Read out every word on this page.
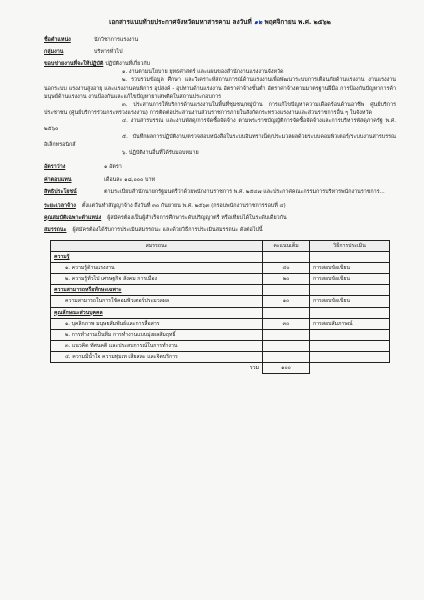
เอกสารแนบท้ายประกาศจังหวัดมหาสารคาม ลงวันที่ ๑๒ พฤศจิกายน พ.ศ. ๒๕๖๒
ชื่อตำแหน่ง	นักวิชาการแรงงาน
กลุ่มงาน	บริหารทั่วไป
ขอบข่ายงานที่จะให้ปฏิบัติ ปฏิบัติงานที่เกี่ยวกับ

๑. งานตามนโยบาย ยุทธศาสตร์ และแผนของสำนักงานแรงงานจังหวัด

๒. รวบรวมข้อมูล ศึกษา และวิเคราะห์สถานการณ์ด้านแรงงานเพื่อพัฒนาระบบการเตือนภัยด้านแรงงาน งานแรงงานนอกระบบ แรงงานสูงอายุ และแรงงานคนพิการ อุปสงค์ - อุปทานด้านแรงงาน อัตราค่าจ้างขั้นต่ำ อัตราค่าจ้างตามมาตรฐานฝีมือ การป้องกันปัญหาการค้ามนุษย์ด้านแรงงาน งานป้องกันและแก้ไขปัญหายาเสพติดในสถานประกอบการ

๓. ประสานการให้บริการด้านแรงงานในพื้นที่ชุมชน/หมู่บ้าน การแก้ไขปัญหาความเดือดร้อนด้านอาชีพ ศูนย์บริการประชาชน (ศูนย์บริการร่วมกระทรวงแรงงาน) การติดต่อประสานงานส่วนราชการภายในสังกัดกระทรวงแรงงานและส่วนราชการอื่น ๆ ในจังหวัด

๔. งานสารบรรณ และงานพัสดุ/การจัดซื้อจัดจ้าง ตามพระราชบัญญัติการจัดซื้อจัดจ้างและการบริหารพัสดุภาครัฐ พ.ศ. ๒๕๖๐

๕. บันทึกผลการปฏิบัติงาน/ตรวจสอบหนังสือในระบบอินทราเน็ต/ประมวลผลด้วยระบบคอมพิวเตอร์/ระบบงานสารบรรณอิเล็กทรอนิกส์

๖. ปฏิบัติงานอื่นที่ได้รับมอบหมาย

อัตราว่าง	๑ อัตรา
ค่าตอบแทน	เดือนละ ๑๘,๐๐๐ บาท
สิทธิประโยชน์	ตามระเบียบสำนักนายกรัฐมนตรีว่าด้วยพนักงานราชการ พ.ศ. ๒๕๔๗ และประกาศคณะกรรมการบริหารพนักงานราชการ...
ระยะเวลาจ้าง ตั้งแต่วันทำสัญญาจ้าง ถึงวันที่ ๓๐ กันยายน พ.ศ. ๒๕๖๓ (กรอบพนักงานราชการรอบที่ ๔)
คุณสมบัติเฉพาะตำแหน่ง ผู้สมัครต้องเป็นผู้สำเร็จการศึกษาระดับปริญญาตรี หรือเทียบได้ในระดับเดียวกัน
สมรรถนะ ผู้สมัครต้องได้รับการประเมินสมรรถนะ และด้วยวิธีการประเมินสมรรถนะ ดังต่อไปนี้
สมรรถนะ	คะแนนเต็ม	วิธีการประเมิน
ความรู้		
๑. ความรู้ด้านแรงงาน	๔๐	การสอบข้อเขียน
๒. ความรู้ทั่วไป เศรษฐกิจ สังคม การเมือง	๒๐	การสอบข้อเขียน
ความสามารถหรือทักษะเฉพาะ		
ความสามารถในการใช้คอมพิวเตอร์ประมวลผล	๑๐	การสอบข้อเขียน
คุณลักษณะส่วนบุคคล		
๑. บุคลิกภาพ มนุษยสัมพันธ์และการสื่อสาร	๓๐	การสอบสัมภาษณ์
๒. การทำงานเป็นทีม การทำงานแบบมุ่งผลสัมฤทธิ์		
๓. แนวคิด ทัศนคติ และประสบการณ์ในการทำงาน		
๔. ความมีน้ำใจ ความทุ่มเท เสียสละ และจิตบริการ		
รวม	๑๐๐	
